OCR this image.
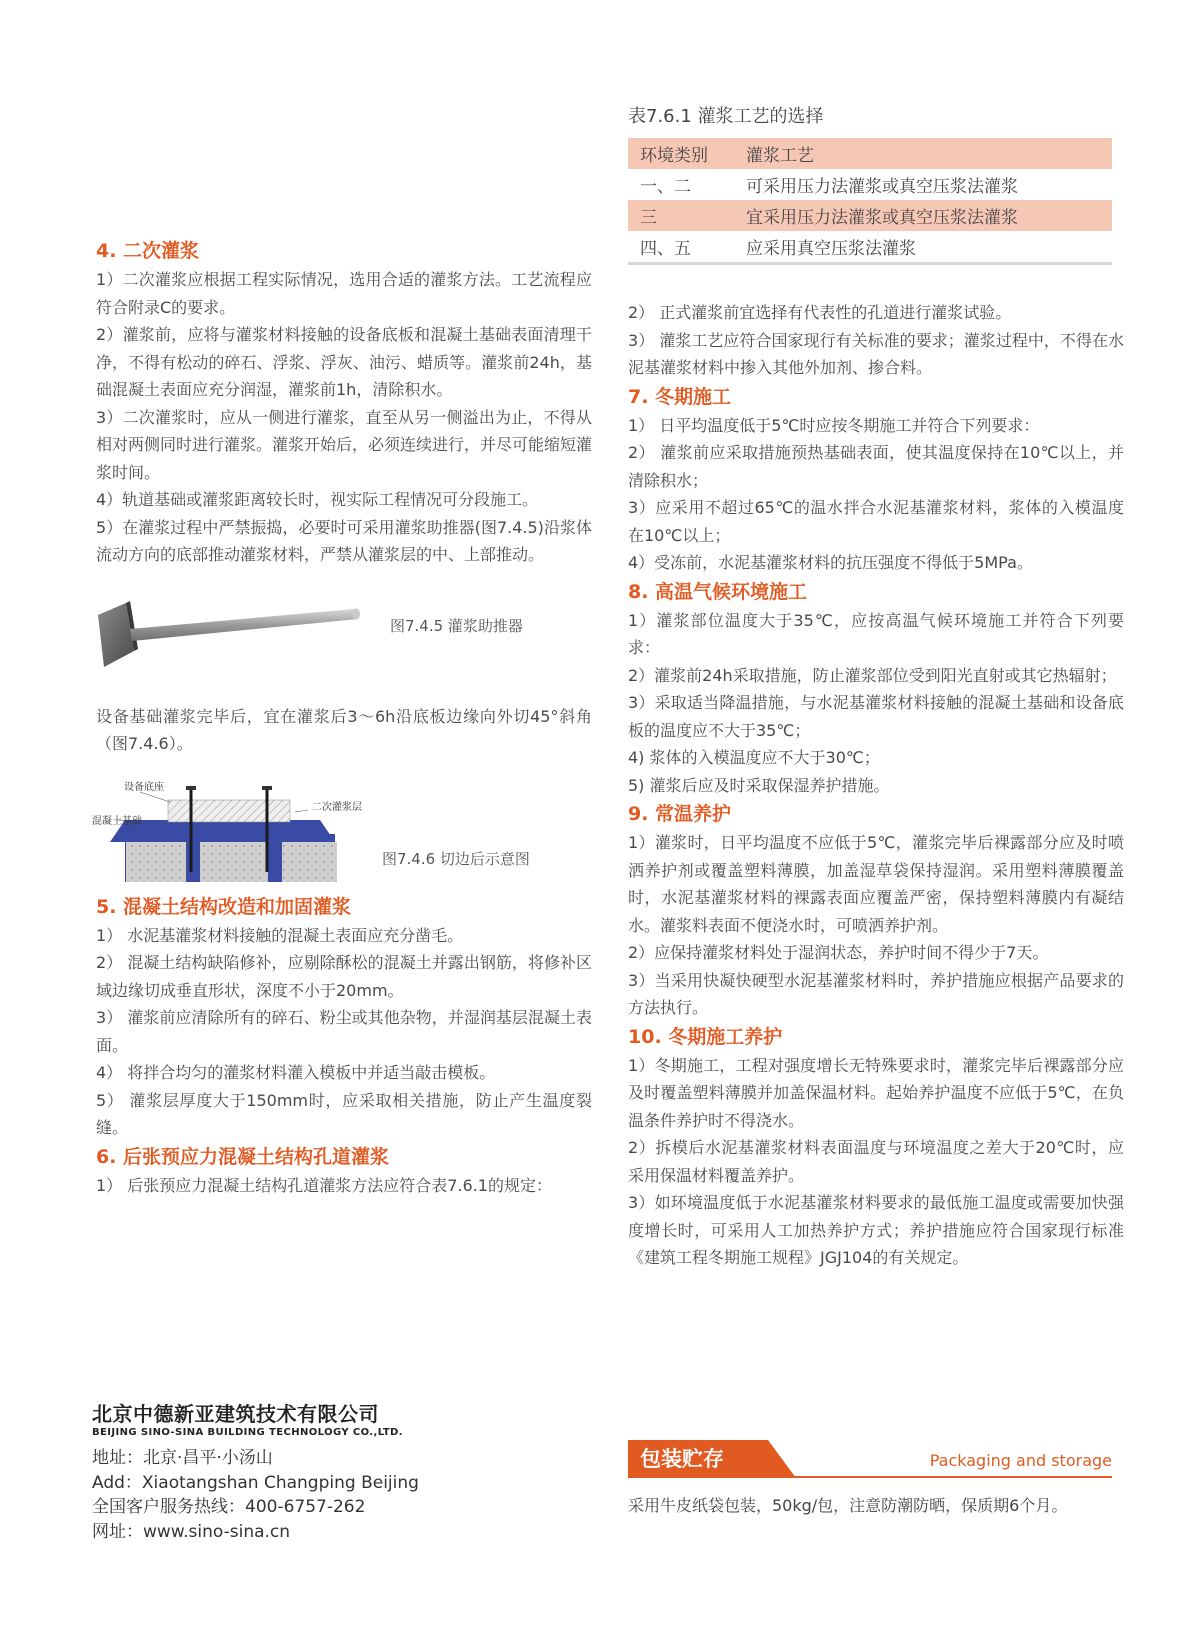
4. 二次灌浆

1）二次灌浆应根据工程实际情况，选用合适的灌浆方法。工艺流程应符合附录C的要求。

2）灌浆前，应将与灌浆材料接触的设备底板和混凝土基础表面清理干净，不得有松动的碎石、浮浆、浮灰、油污、蜡质等。灌浆前24h，基础混凝土表面应充分润湿，灌浆前1h，清除积水。

3）二次灌浆时，应从一侧进行灌浆，直至从另一侧溢出为止，不得从相对两侧同时进行灌浆。灌浆开始后，必须连续进行，并尽可能缩短灌浆时间。

4）轨道基础或灌浆距离较长时，视实际工程情况可分段施工。

5）在灌浆过程中严禁振捣，必要时可采用灌浆助推器(图7.4.5)沿浆体流动方向的底部推动灌浆材料，严禁从灌浆层的中、上部推动。

图7.4.5 灌浆助推器

设备基础灌浆完毕后，宜在灌浆后3～6h沿底板边缘向外切45°斜角（图7.4.6）。

设备底座
混凝土基础
二次灌浆层
图7.4.6 切边后示意图
5. 混凝土结构改造和加固灌浆

1） 水泥基灌浆材料接触的混凝土表面应充分凿毛。

2） 混凝土结构缺陷修补，应剔除酥松的混凝土并露出钢筋，将修补区域边缘切成垂直形状，深度不小于20mm。

3） 灌浆前应清除所有的碎石、粉尘或其他杂物，并湿润基层混凝土表面。

4） 将拌合均匀的灌浆材料灌入模板中并适当敲击模板。

5） 灌浆层厚度大于150mm时，应采取相关措施，防止产生温度裂缝。

6. 后张预应力混凝土结构孔道灌浆

1） 后张预应力混凝土结构孔道灌浆方法应符合表7.6.1的规定：

表7.6.1 灌浆工艺的选择
环境类别	灌浆工艺
一、二	可采用压力法灌浆或真空压浆法灌浆
三	宜采用压力法灌浆或真空压浆法灌浆
四、五	应采用真空压浆法灌浆

2） 正式灌浆前宜选择有代表性的孔道进行灌浆试验。

3） 灌浆工艺应符合国家现行有关标准的要求；灌浆过程中，不得在水泥基灌浆材料中掺入其他外加剂、掺合料。

7. 冬期施工

1） 日平均温度低于5℃时应按冬期施工并符合下列要求：

2） 灌浆前应采取措施预热基础表面，使其温度保持在10℃以上，并清除积水；

3）应采用不超过65℃的温水拌合水泥基灌浆材料，浆体的入模温度在10℃以上；

4）受冻前，水泥基灌浆材料的抗压强度不得低于5MPa。

8. 高温气候环境施工

1）灌浆部位温度大于35℃，应按高温气候环境施工并符合下列要求：

2）灌浆前24h采取措施，防止灌浆部位受到阳光直射或其它热辐射；

3）采取适当降温措施，与水泥基灌浆材料接触的混凝土基础和设备底板的温度应不大于35℃；

4) 浆体的入模温度应不大于30℃；

5) 灌浆后应及时采取保湿养护措施。

9. 常温养护

1）灌浆时，日平均温度不应低于5℃，灌浆完毕后裸露部分应及时喷洒养护剂或覆盖塑料薄膜，加盖湿草袋保持湿润。采用塑料薄膜覆盖时，水泥基灌浆材料的裸露表面应覆盖严密，保持塑料薄膜内有凝结水。灌浆料表面不便浇水时，可喷洒养护剂。

2）应保持灌浆材料处于湿润状态，养护时间不得少于7天。

3）当采用快凝快硬型水泥基灌浆材料时，养护措施应根据产品要求的方法执行。

10. 冬期施工养护

1）冬期施工，工程对强度增长无特殊要求时，灌浆完毕后裸露部分应及时覆盖塑料薄膜并加盖保温材料。起始养护温度不应低于5℃，在负温条件养护时不得浇水。

2）拆模后水泥基灌浆材料表面温度与环境温度之差大于20℃时，应采用保温材料覆盖养护。

3）如环境温度低于水泥基灌浆材料要求的最低施工温度或需要加快强度增长时，可采用人工加热养护方式；养护措施应符合国家现行标准《建筑工程冬期施工规程》JGJ104的有关规定。

北京中德新亚建筑技术有限公司

BEIJING SINO-SINA BUILDING TECHNOLOGY CO.,LTD.

地址：北京·昌平·小汤山

Add：Xiaotangshan Changping Beijing

全国客户服务热线：400-6757-262

网址：www.sino-sina.cn

包装贮存	Packaging and storage
采用牛皮纸袋包装，50kg/包，注意防潮防晒，保质期6个月。
